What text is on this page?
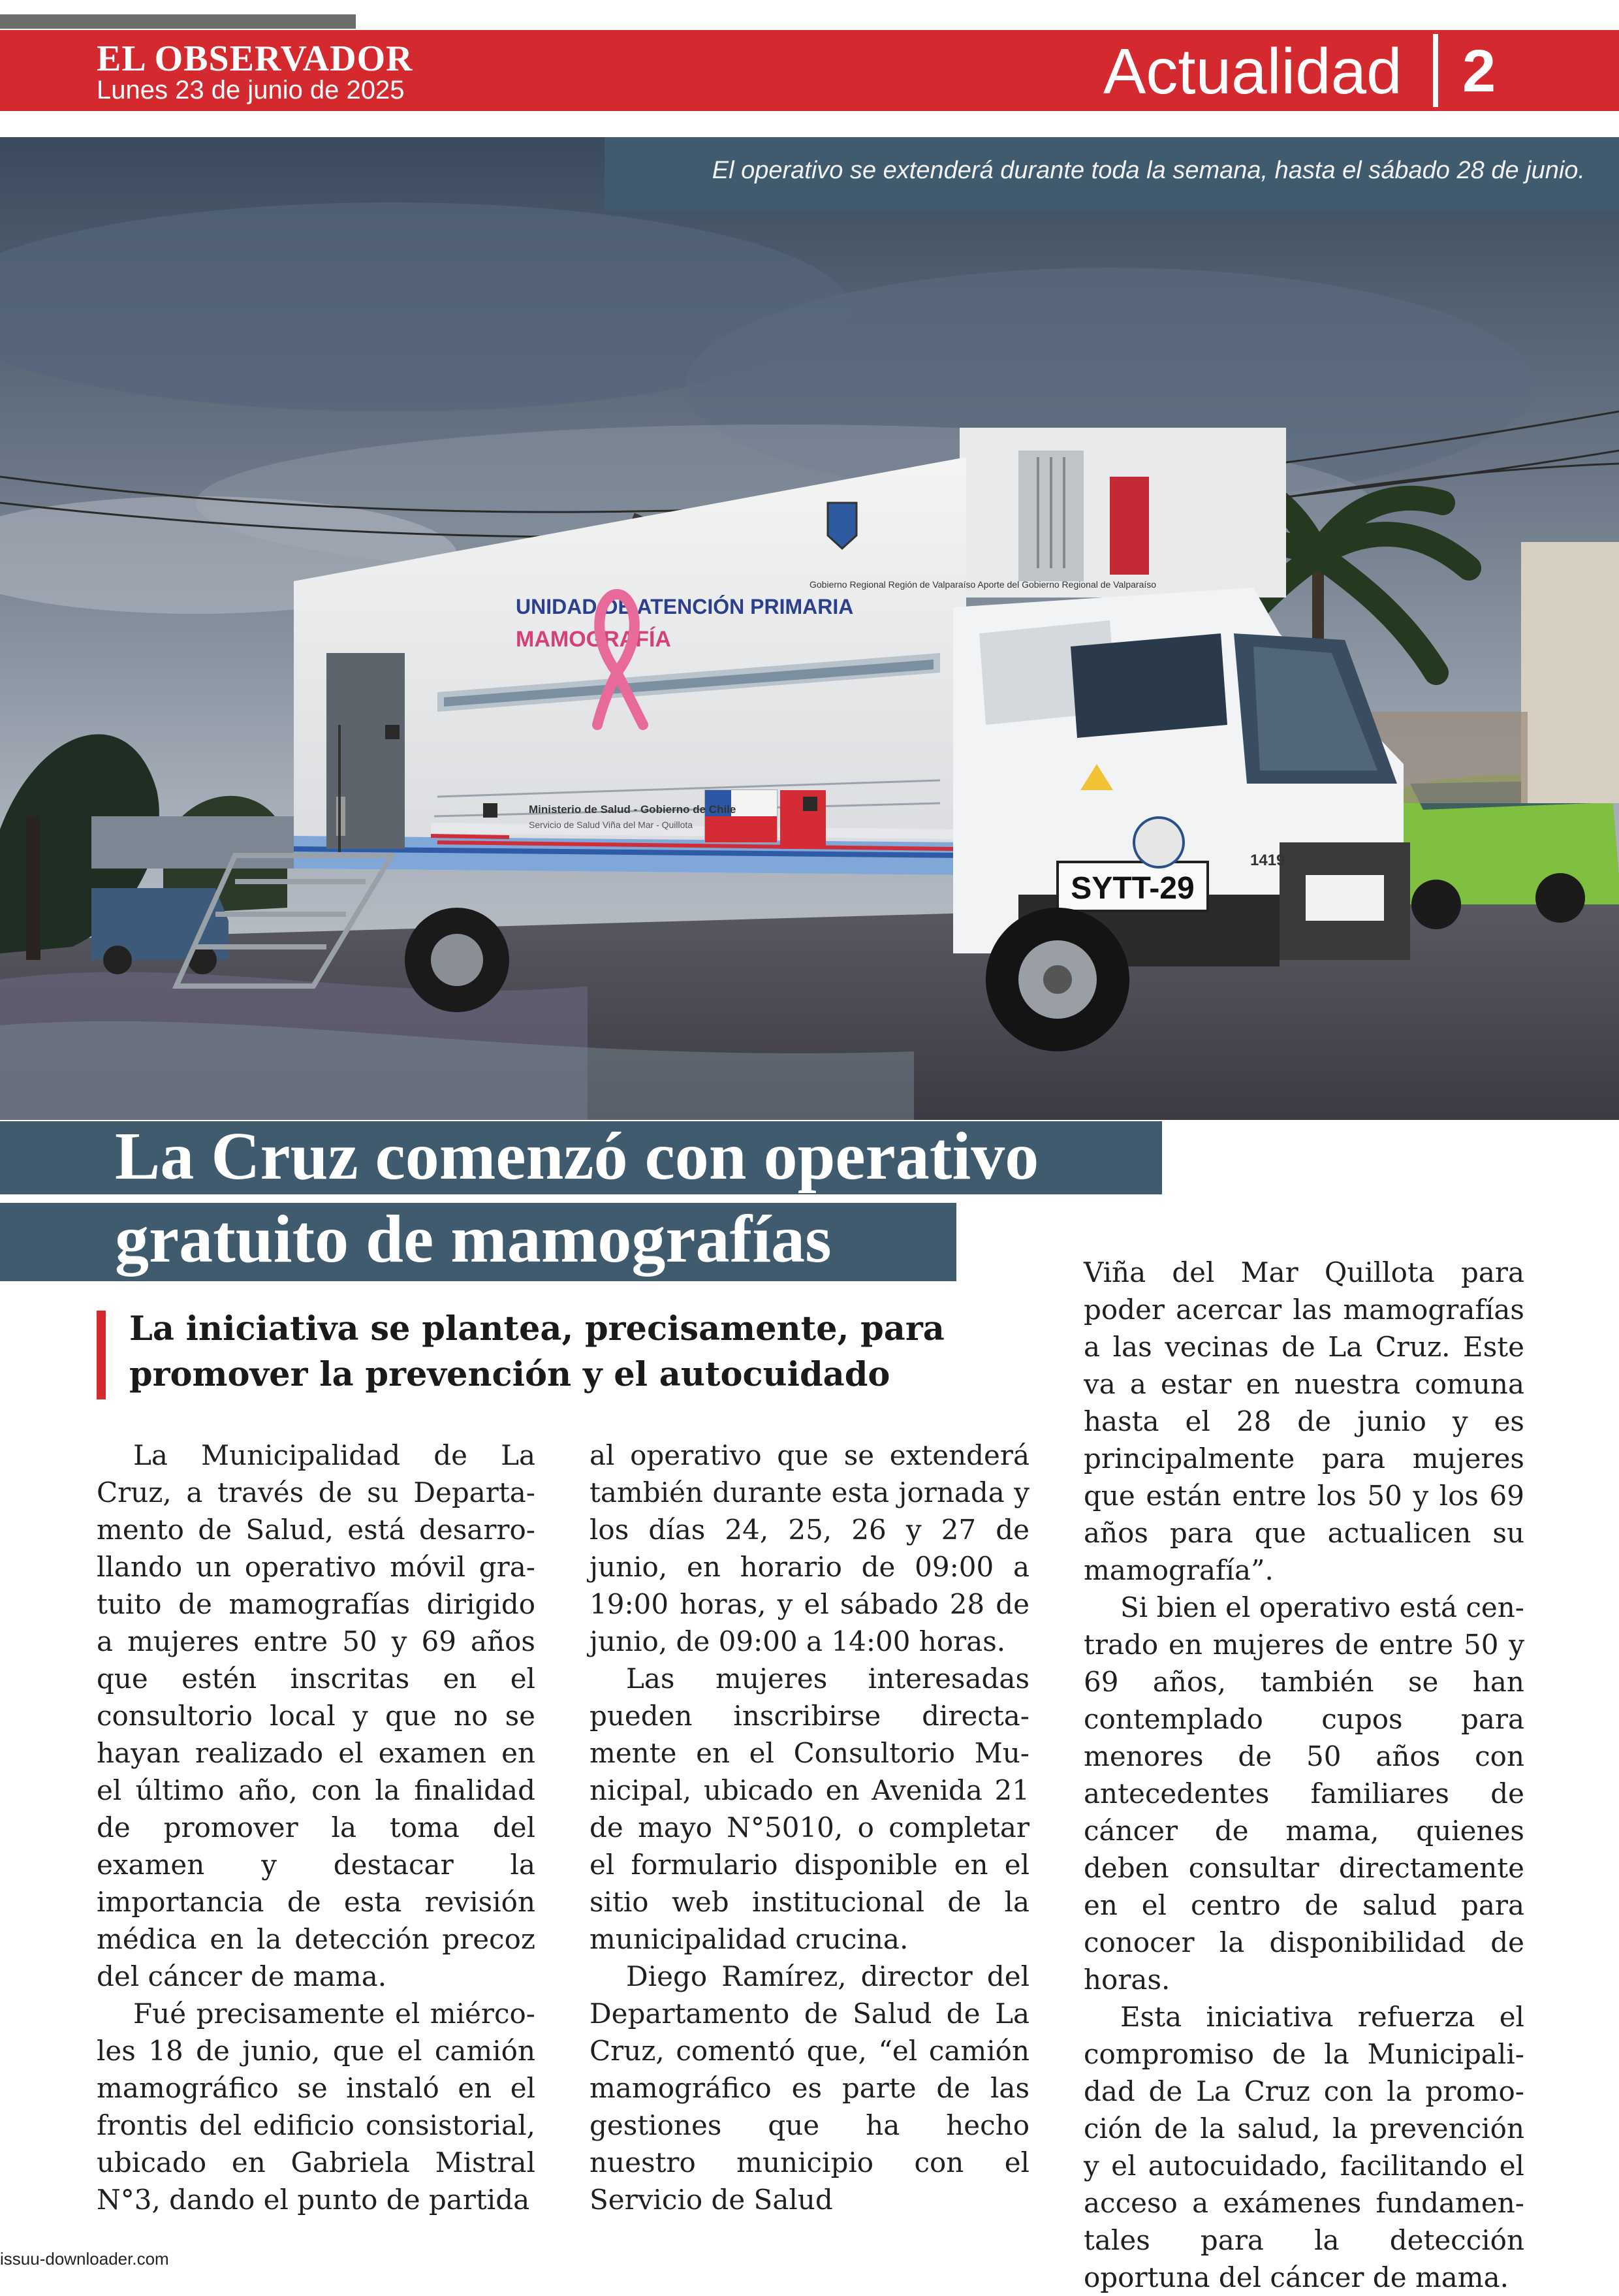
EL OBSERVADOR
Lunes 23 de junio de 2025	Actualidad 2
SYTT-29
1419
UNIDAD DE ATENCIÓN PRIMARIA
MAMOGRAFÍA
Gobierno Regional Región de Valparaíso Aporte del Gobierno Regional de Valparaíso
Ministerio de Salud - Gobierno de Chile
Servicio de Salud Viña del Mar - Quillota
El operativo se extenderá durante toda la semana, hasta el sábado 28 de junio.
La Cruz comenzó con operativo
gratuito de mamografías
La iniciativa se plantea, precisamente, para
promover la prevención y el autocuidado

La Municipalidad de La Cruz, a través de su Departamento de Salud, está desarrollando un operativo móvil gratuito de mamografías dirigido a mujeres entre 50 y 69 años que estén inscritas en el consultorio local y que no se hayan realizado el examen en el último año, con la finalidad de promover la toma del examen y destacar la importancia de esta revisión médica en la detección precoz del cáncer de mama.

Fué precisamente el miércoles 18 de junio, que el camión mamográfico se instaló en el frontis del edificio consistorial, ubicado en Gabriela Mistral N°3, dando el punto de partida

al operativo que se extenderá también durante esta jornada y los días 24, 25, 26 y 27 de junio, en horario de 09:00 a 19:00 horas, y el sábado 28 de junio, de 09:00 a 14:00 horas.

Las mujeres interesadas pueden inscribirse directamente en el Consultorio Municipal, ubicado en Avenida 21 de mayo N°5010, o completar el formulario disponible en el sitio web institucional de la municipalidad crucina.

Diego Ramírez, director del Departamento de Salud de La Cruz, comentó que, “el camión mamográfico es parte de las gestiones que ha hecho nuestro municipio con el Servicio de Salud

Viña del Mar Quillota para poder acercar las mamografías a las vecinas de La Cruz. Este va a estar en nuestra comuna hasta el 28 de junio y es principalmente para mujeres que están entre los 50 y los 69 años para que actualicen su mamografía”.

Si bien el operativo está centrado en mujeres de entre 50 y 69 años, también se han contemplado cupos para menores de 50 años con antecedentes familiares de cáncer de mama, quienes deben consultar directamente en el centro de salud para conocer la disponibilidad de horas.

Esta iniciativa refuerza el compromiso de la Municipalidad de La Cruz con la promoción de la salud, la prevención y el autocuidado, facilitando el acceso a exámenes fundamentales para la detección oportuna del cáncer de mama.

issuu-downloader.com
